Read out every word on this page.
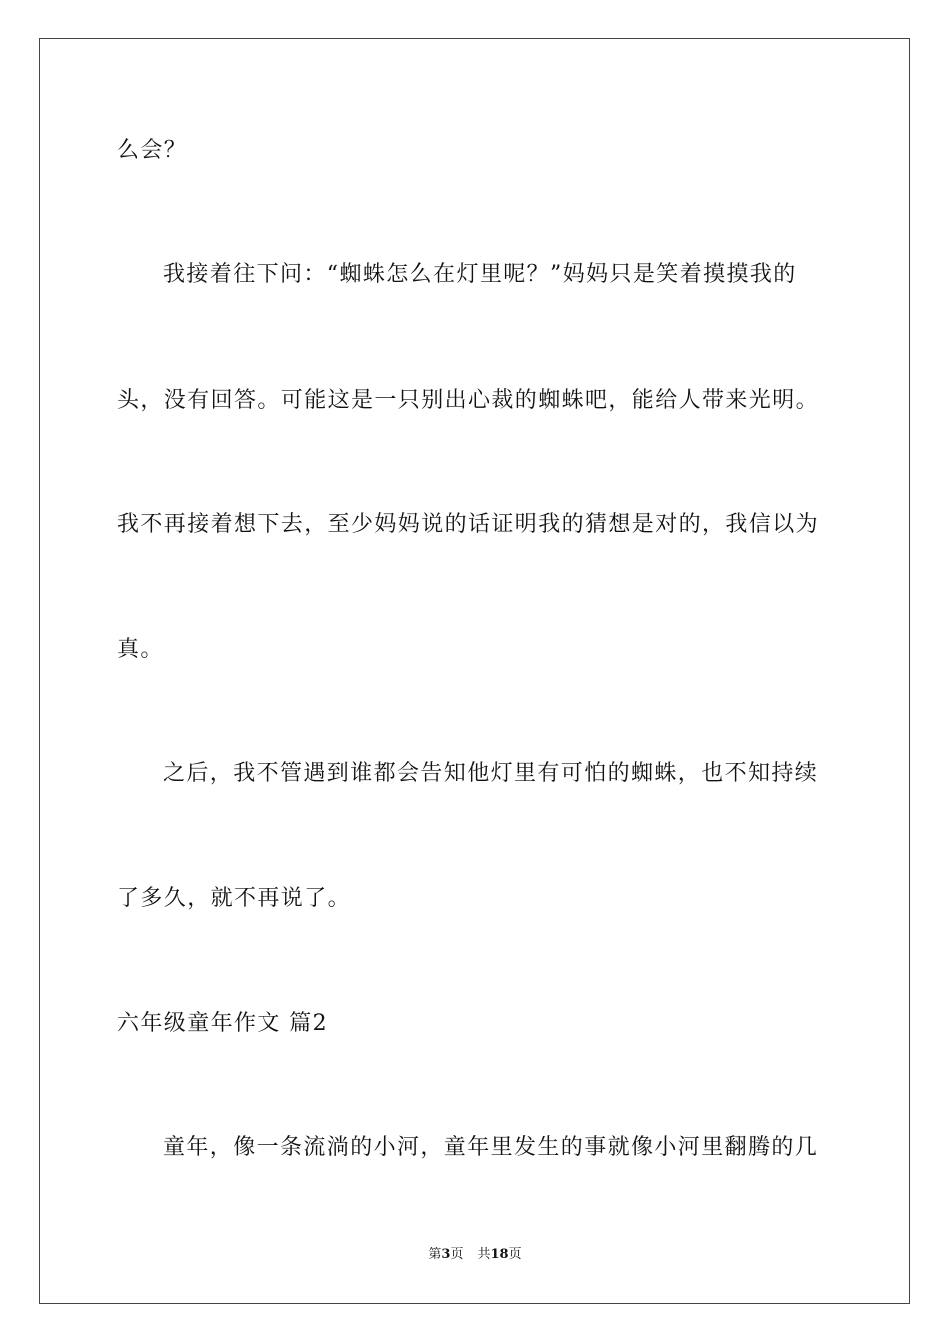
么会？
我接着往下问：“蜘蛛怎么在灯里呢？”妈妈只是笑着摸摸我的
头，没有回答。可能这是一只别出心裁的蜘蛛吧，能给人带来光明。
我不再接着想下去，至少妈妈说的话证明我的猜想是对的，我信以为
真。
之后，我不管遇到谁都会告知他灯里有可怕的蜘蛛，也不知持续
了多久，就不再说了。
六年级童年作文 篇2
童年，像一条流淌的小河，童年里发生的事就像小河里翻腾的几
第3页 共18页
